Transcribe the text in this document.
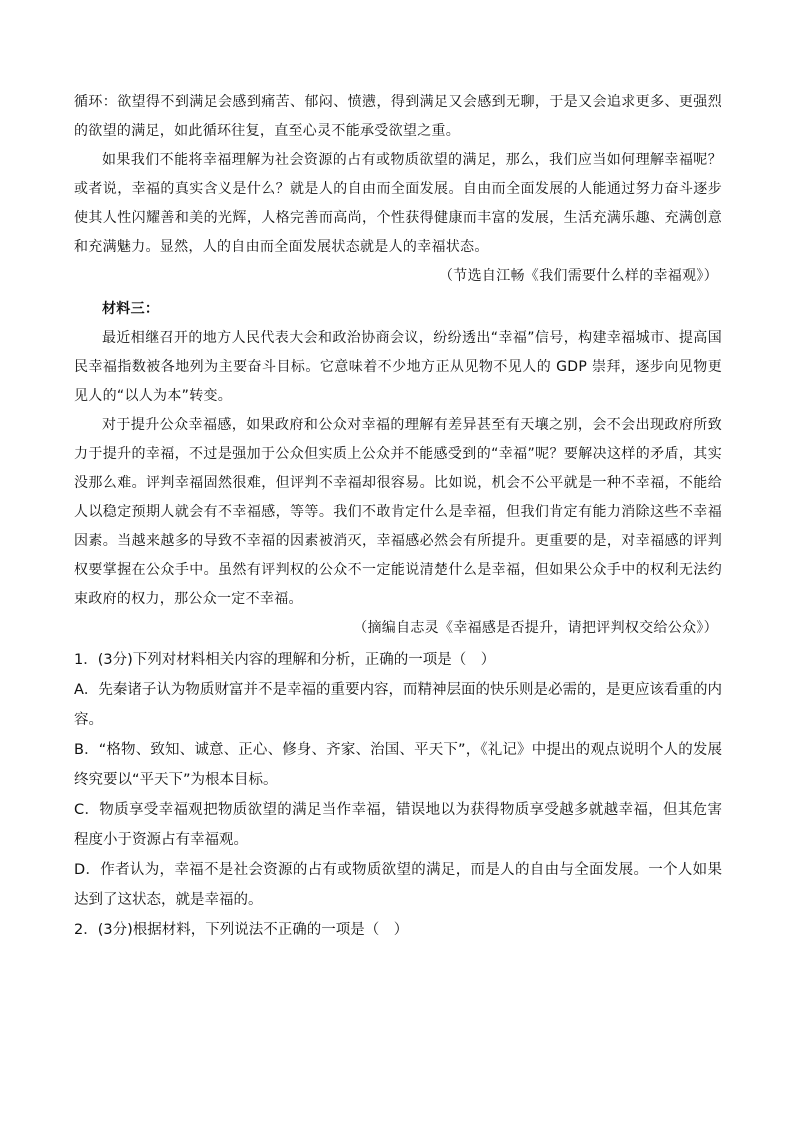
循环：欲望得不到满足会感到痛苦、郁闷、愤懑，得到满足又会感到无聊，于是又会追求更多、更强烈的欲望的满足，如此循环往复，直至心灵不能承受欲望之重。

如果我们不能将幸福理解为社会资源的占有或物质欲望的满足，那么，我们应当如何理解幸福呢？或者说，幸福的真实含义是什么？就是人的自由而全面发展。自由而全面发展的人能通过努力奋斗逐步使其人性闪耀善和美的光辉，人格完善而高尚，个性获得健康而丰富的发展，生活充满乐趣、充满创意和充满魅力。显然，人的自由而全面发展状态就是人的幸福状态。

（节选自江畅《我们需要什么样的幸福观》）

材料三：

最近相继召开的地方人民代表大会和政治协商会议，纷纷透出“幸福”信号，构建幸福城市、提高国民幸福指数被各地列为主要奋斗目标。它意味着不少地方正从见物不见人的 GDP 崇拜，逐步向见物更见人的“以人为本”转变。

对于提升公众幸福感，如果政府和公众对幸福的理解有差异甚至有天壤之别，会不会出现政府所致力于提升的幸福，不过是强加于公众但实质上公众并不能感受到的“幸福”呢？要解决这样的矛盾，其实没那么难。评判幸福固然很难，但评判不幸福却很容易。比如说，机会不公平就是一种不幸福，不能给人以稳定预期人就会有不幸福感，等等。我们不敢肯定什么是幸福，但我们肯定有能力消除这些不幸福因素。当越来越多的导致不幸福的因素被消灭，幸福感必然会有所提升。更重要的是，对幸福感的评判权要掌握在公众手中。虽然有评判权的公众不一定能说清楚什么是幸福，但如果公众手中的权利无法约束政府的权力，那公众一定不幸福。

（摘编自志灵《幸福感是否提升，请把评判权交给公众》）

1．(3分)下列对材料相关内容的理解和分析，正确的一项是（　）

A．先秦诸子认为物质财富并不是幸福的重要内容，而精神层面的快乐则是必需的，是更应该看重的内容。

B．“格物、致知、诚意、正心、修身、齐家、治国、平天下”，《礼记》中提出的观点说明个人的发展终究要以“平天下”为根本目标。

C．物质享受幸福观把物质欲望的满足当作幸福，错误地以为获得物质享受越多就越幸福，但其危害程度小于资源占有幸福观。

D．作者认为，幸福不是社会资源的占有或物质欲望的满足，而是人的自由与全面发展。一个人如果达到了这状态，就是幸福的。

2．(3分)根据材料，下列说法不正确的一项是（　）
